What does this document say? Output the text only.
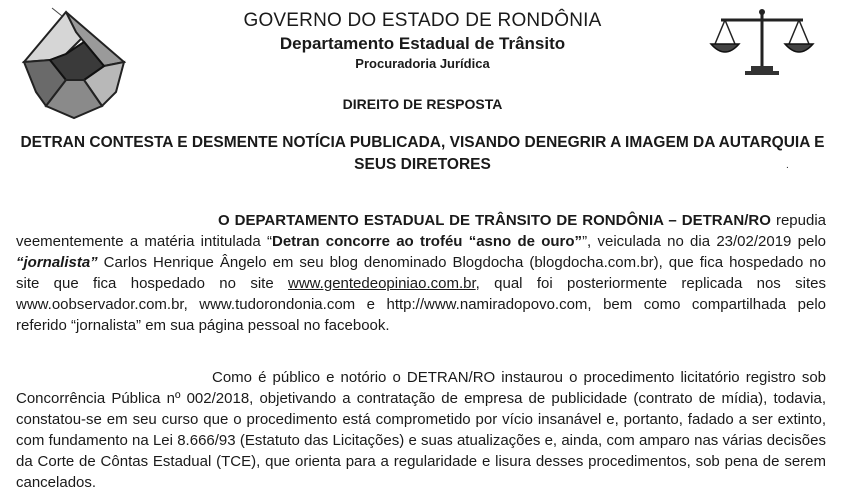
GOVERNO DO ESTADO DE RONDÔNIA
Departamento Estadual de Trânsito
Procuradoria Jurídica
DIREITO DE RESPOSTA
DETRAN CONTESTA E DESMENTE NOTÍCIA PUBLICADA, VISANDO DENEGRIR A IMAGEM DA AUTARQUIA E SEUS DIRETORES	.

O DEPARTAMENTO ESTADUAL DE TRÂNSITO DE RONDÔNIA – DETRAN/RO repudia veementemente a matéria intitulada “Detran concorre ao troféu “asno de ouro””, veiculada no dia 23/02/2019 pelo “jornalista” Carlos Henrique Ângelo em seu blog denominado Blogdocha (blogdocha.com.br), que fica hospedado no site que fica hospedado no site www.gentedeopiniao.com.br, qual foi posteriormente replicada nos sites www.oobservador.com.br, www.tudorondonia.com e http://www.namiradopovo.com, bem como compartilhada pelo referido “jornalista” em sua página pessoal no facebook.

Como é público e notório o DETRAN/RO instaurou o procedimento licitatório registro sob Concorrência Pública nº 002/2018, objetivando a contratação de empresa de publicidade (contrato de mídia), todavia, constatou-se em seu curso que o procedimento está comprometido por vício insanável e, portanto, fadado a ser extinto, com fundamento na Lei 8.666/93 (Estatuto das Licitações) e suas atualizações e, ainda, com amparo nas várias decisões da Corte de Côntas Estadual (TCE), que orienta para a regularidade e lisura desses procedimentos, sob pena de serem cancelados.
